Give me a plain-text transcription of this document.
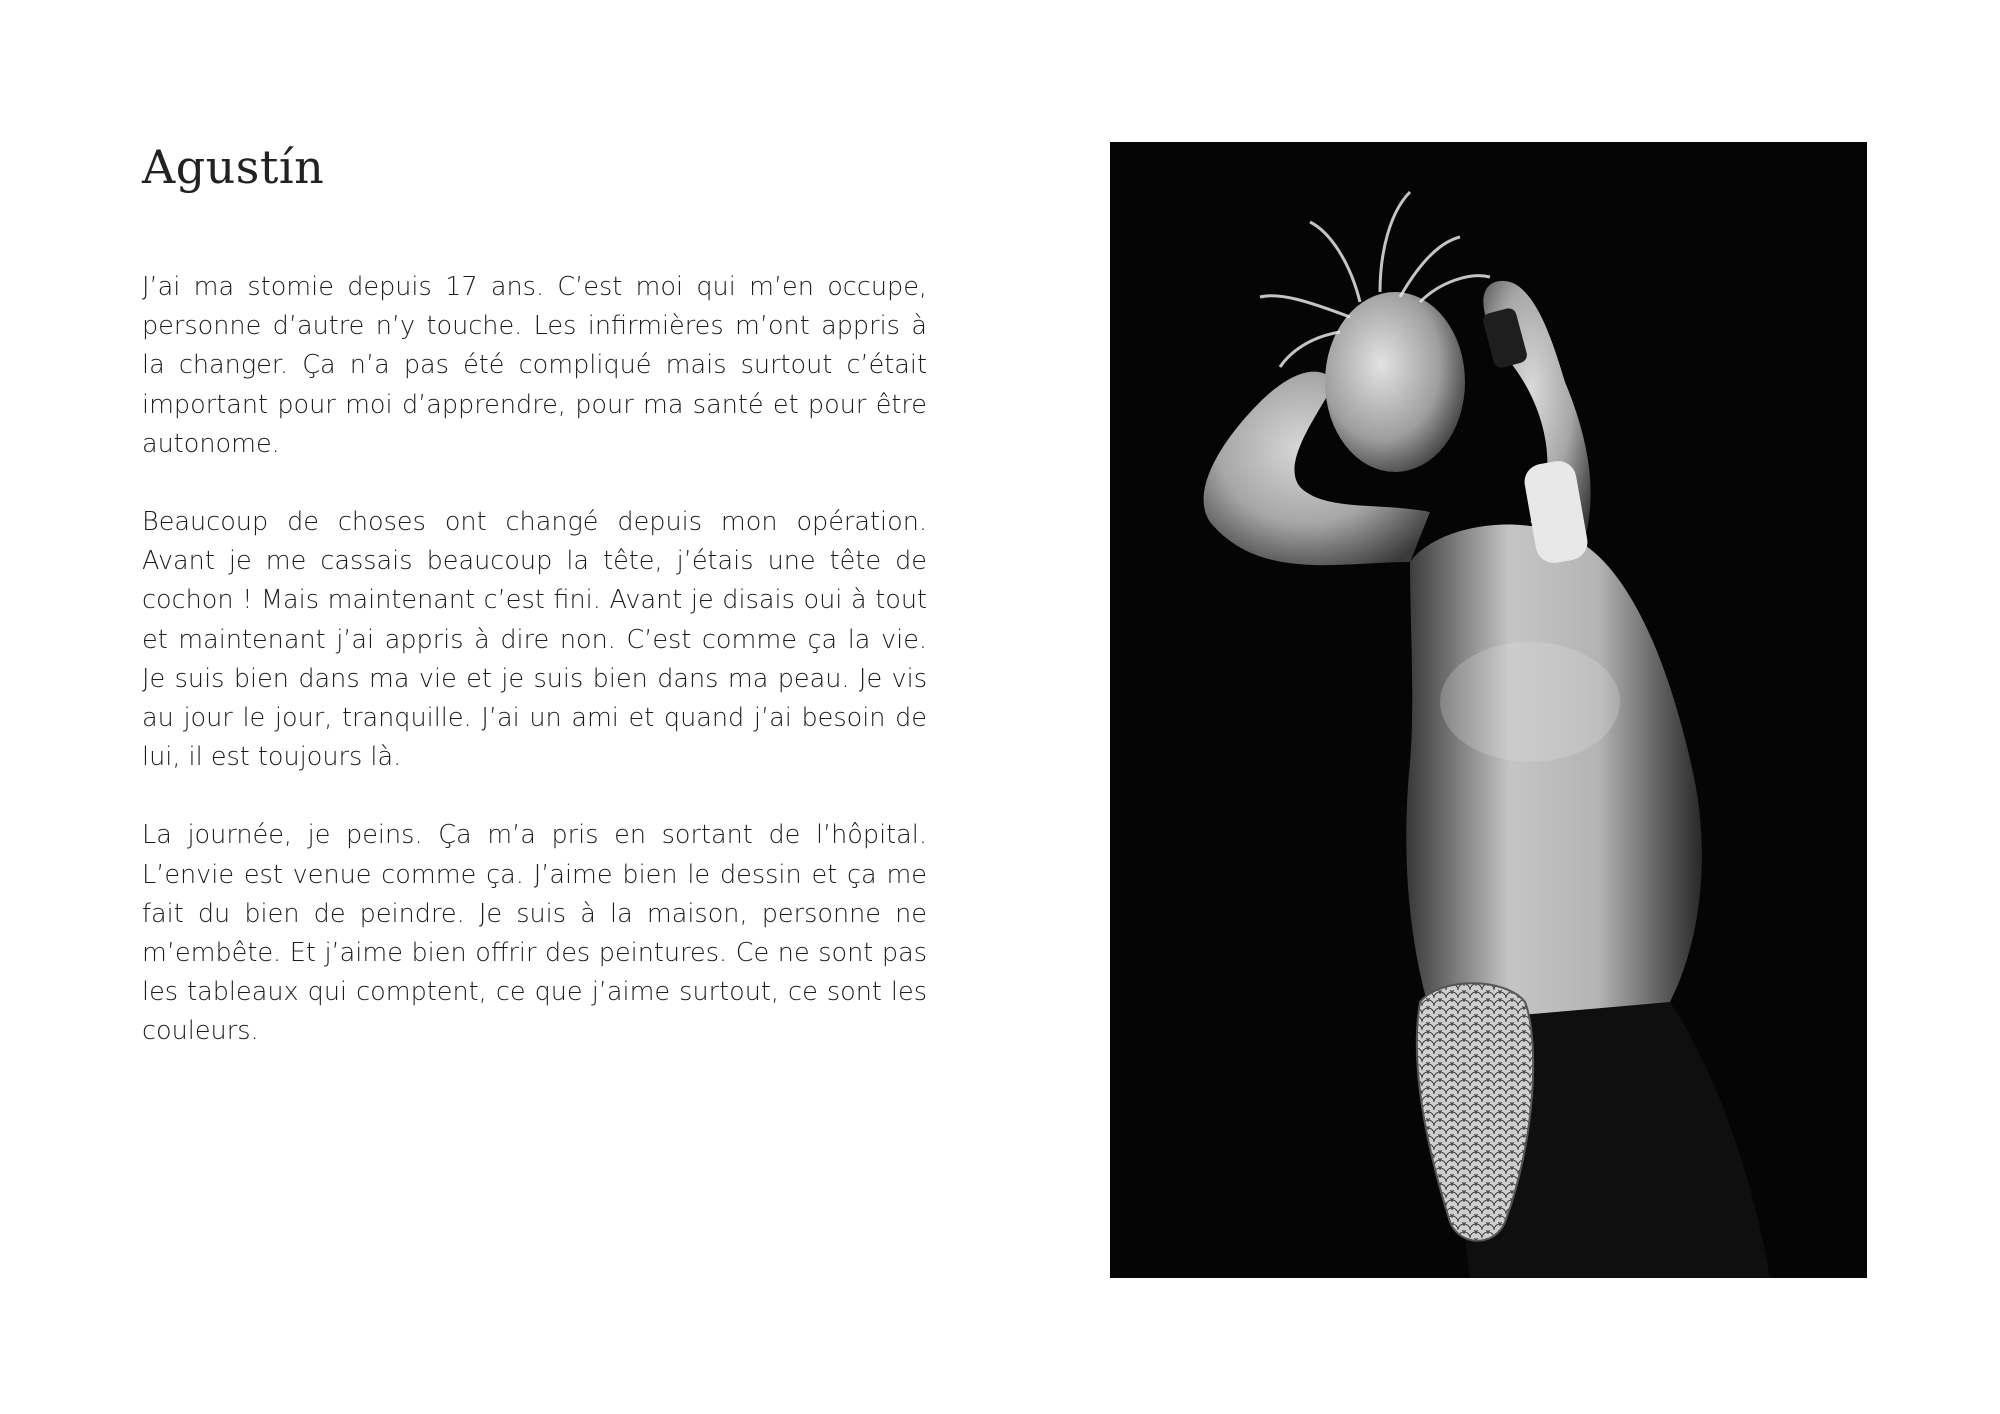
Agustín

J’ai ma stomie depuis 17 ans. C’est moi qui m’en occupe, personne d’autre n’y touche. Les infirmières m’ont appris à la changer. Ça n’a pas été compliqué mais surtout c’était important pour moi d’apprendre, pour ma santé et pour être autonome.

Beaucoup de choses ont changé depuis mon opération. Avant je me cassais beaucoup la tête, j’étais une tête de cochon ! Mais maintenant c’est fini. Avant je disais oui à tout et maintenant j’ai appris à dire non. C’est comme ça la vie. Je suis bien dans ma vie et je suis bien dans ma peau. Je vis au jour le jour, tranquille. J’ai un ami et quand j’ai besoin de lui, il est toujours là.

La journée, je peins. Ça m’a pris en sortant de l’hôpital. L’envie est venue comme ça. J’aime bien le dessin et ça me fait du bien de peindre. Je suis à la maison, personne ne m’embête. Et j’aime bien offrir des peintures. Ce ne sont pas les tableaux qui comptent, ce que j’aime surtout, ce sont les couleurs.
